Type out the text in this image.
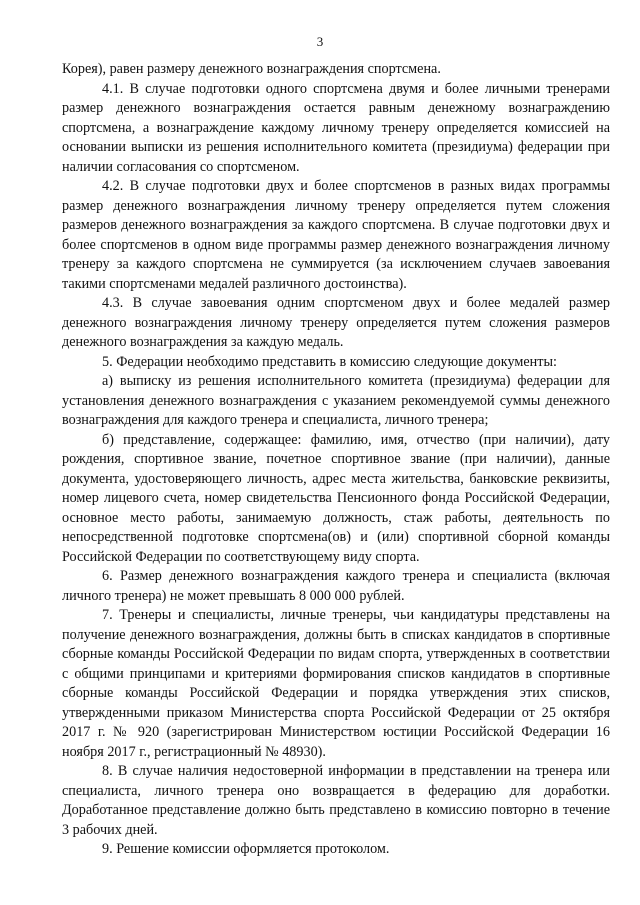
3

Корея), равен размеру денежного вознаграждения спортсмена.

4.1. В случае подготовки одного спортсмена двумя и более личными тренерами размер денежного вознаграждения остается равным денежному вознаграждению спортсмена, а вознаграждение каждому личному тренеру определяется комиссией на основании выписки из решения исполнительного комитета (президиума) федерации при наличии согласования со спортсменом.

4.2. В случае подготовки двух и более спортсменов в разных видах программы размер денежного вознаграждения личному тренеру определяется путем сложения размеров денежного вознаграждения за каждого спортсмена. В случае подготовки двух и более спортсменов в одном виде программы размер денежного вознаграждения личному тренеру за каждого спортсмена не суммируется (за исключением случаев завоевания такими спортсменами медалей различного достоинства).

4.3. В случае завоевания одним спортсменом двух и более медалей размер денежного вознаграждения личному тренеру определяется путем сложения размеров денежного вознаграждения за каждую медаль.

5. Федерации необходимо представить в комиссию следующие документы:

а) выписку из решения исполнительного комитета (президиума) федерации для установления денежного вознаграждения с указанием рекомендуемой суммы денежного вознаграждения для каждого тренера и специалиста, личного тренера;

б) представление, содержащее: фамилию, имя, отчество (при наличии), дату рождения, спортивное звание, почетное спортивное звание (при наличии), данные документа, удостоверяющего личность, адрес места жительства, банковские реквизиты, номер лицевого счета, номер свидетельства Пенсионного фонда Российской Федерации, основное место работы, занимаемую должность, стаж работы, деятельность по непосредственной подготовке спортсмена(ов) и (или) спортивной сборной команды Российской Федерации по соответствующему виду спорта.

6. Размер денежного вознаграждения каждого тренера и специалиста (включая личного тренера) не может превышать 8 000 000 рублей.

7. Тренеры и специалисты, личные тренеры, чьи кандидатуры представлены на получение денежного вознаграждения, должны быть в списках кандидатов в спортивные сборные команды Российской Федерации по видам спорта, утвержденных в соответствии с общими принципами и критериями формирования списков кандидатов в спортивные сборные команды Российской Федерации и порядка утверждения этих списков, утвержденными приказом Министерства спорта Российской Федерации от 25 октября 2017 г. № 920 (зарегистрирован Министерством юстиции Российской Федерации 16 ноября 2017 г., регистрационный № 48930).

8. В случае наличия недостоверной информации в представлении на тренера или специалиста, личного тренера оно возвращается в федерацию для доработки. Доработанное представление должно быть представлено в комиссию повторно в течение 3 рабочих дней.

9. Решение комиссии оформляется протоколом.
